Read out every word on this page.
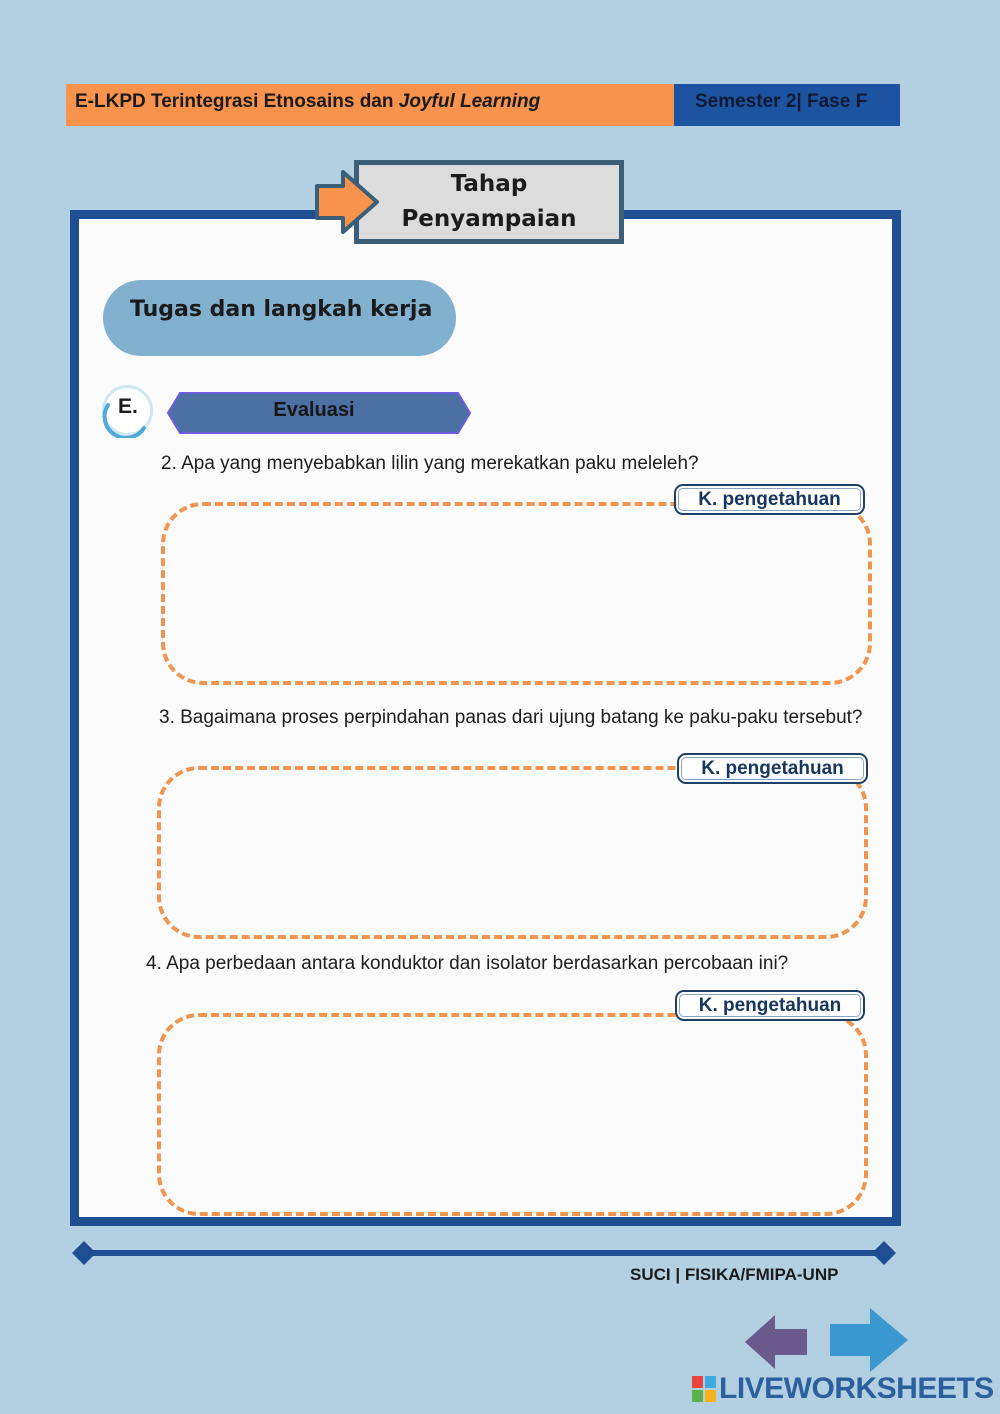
E-LKPD Terintegrasi Etnosains dan Joyful Learning	Semester 2| Fase F
Tahap
Penyampaian
Tugas dan langkah kerja
E.	Evaluasi
2. Apa yang menyebabkan lilin yang merekatkan paku meleleh?
K. pengetahuan
3. Bagaimana proses perpindahan panas dari ujung batang ke paku-paku tersebut?
K. pengetahuan
4. Apa perbedaan antara konduktor dan isolator berdasarkan percobaan ini?
K. pengetahuan
SUCI | FISIKA/FMIPA-UNP
LIVEWORKSHEETS
